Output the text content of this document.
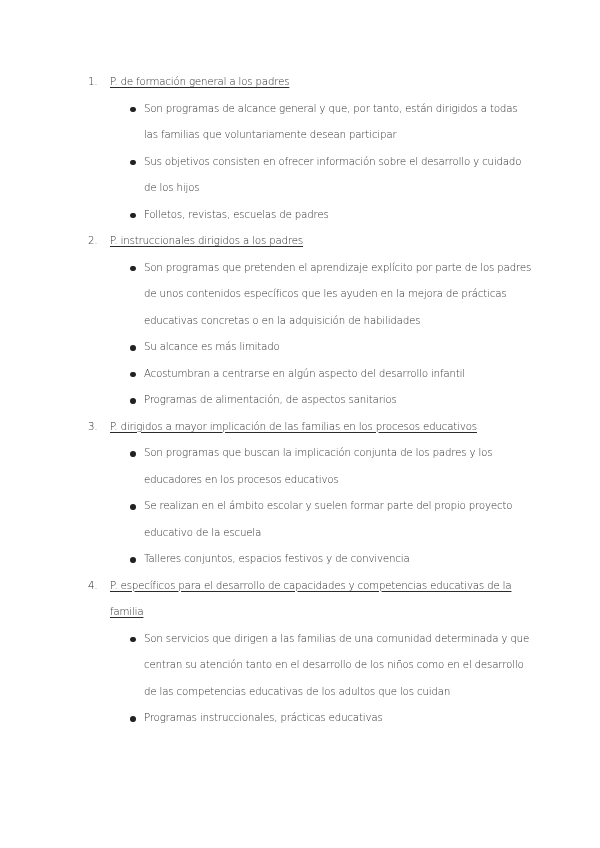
1.	P. de formación general a los padres
Son programas de alcance general y que, por tanto, están dirigidos a todas las familias que voluntariamente desean participar
Sus objetivos consisten en ofrecer información sobre el desarrollo y cuidado de los hijos
Folletos, revistas, escuelas de padres
2.	P. instruccionales dirigidos a los padres
Son programas que pretenden el aprendizaje explícito por parte de los padres de unos contenidos específicos que les ayuden en la mejora de prácticas educativas concretas o en la adquisición de habilidades
Su alcance es más limitado
Acostumbran a centrarse en algún aspecto del desarrollo infantil
Programas de alimentación, de aspectos sanitarios
3.	P. dirigidos a mayor implicación de las familias en los procesos educativos
Son programas que buscan la implicación conjunta de los padres y los educadores en los procesos educativos
Se realizan en el ámbito escolar y suelen formar parte del propio proyecto educativo de la escuela
Talleres conjuntos, espacios festivos y de convivencia
4.	P. específicos para el desarrollo de capacidades y competencias educativas de la familia
Son servicios que dirigen a las familias de una comunidad determinada y que centran su atención tanto en el desarrollo de los niños como en el desarrollo de las competencias educativas de los adultos que los cuidan
Programas instruccionales, prácticas educativas
